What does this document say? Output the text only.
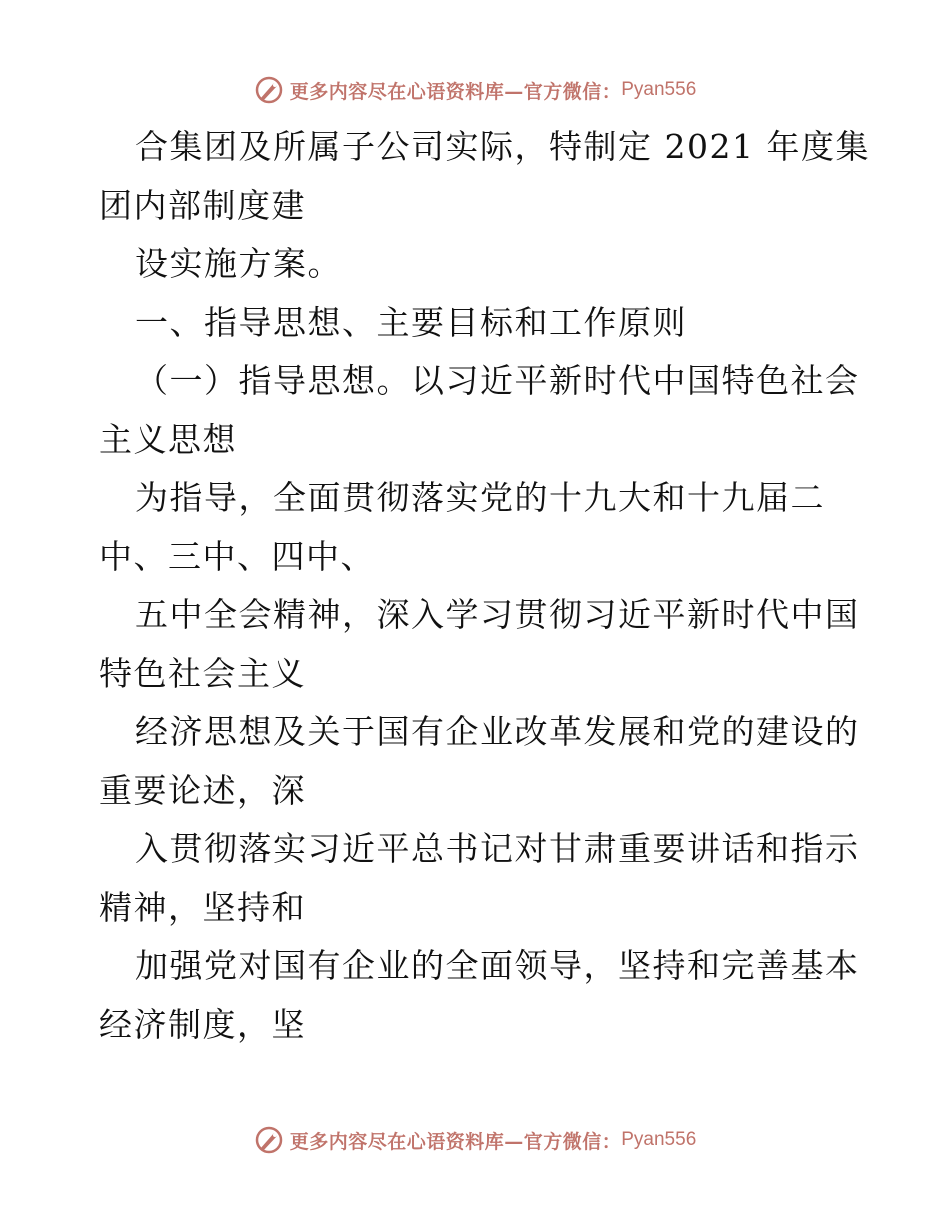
更多内容尽在心语资料库—官方微信： Pyan556
合集团及所属子公司实际，特制定 2021 年度集
团内部制度建
设实施方案。
一、指导思想、主要目标和工作原则
（一）指导思想。以习近平新时代中国特色社会
主义思想
为指导，全面贯彻落实党的十九大和十九届二
中、三中、四中、
五中全会精神，深入学习贯彻习近平新时代中国
特色社会主义
经济思想及关于国有企业改革发展和党的建设的
重要论述，深
入贯彻落实习近平总书记对甘肃重要讲话和指示
精神，坚持和
加强党对国有企业的全面领导，坚持和完善基本
经济制度，坚
更多内容尽在心语资料库—官方微信： Pyan556
